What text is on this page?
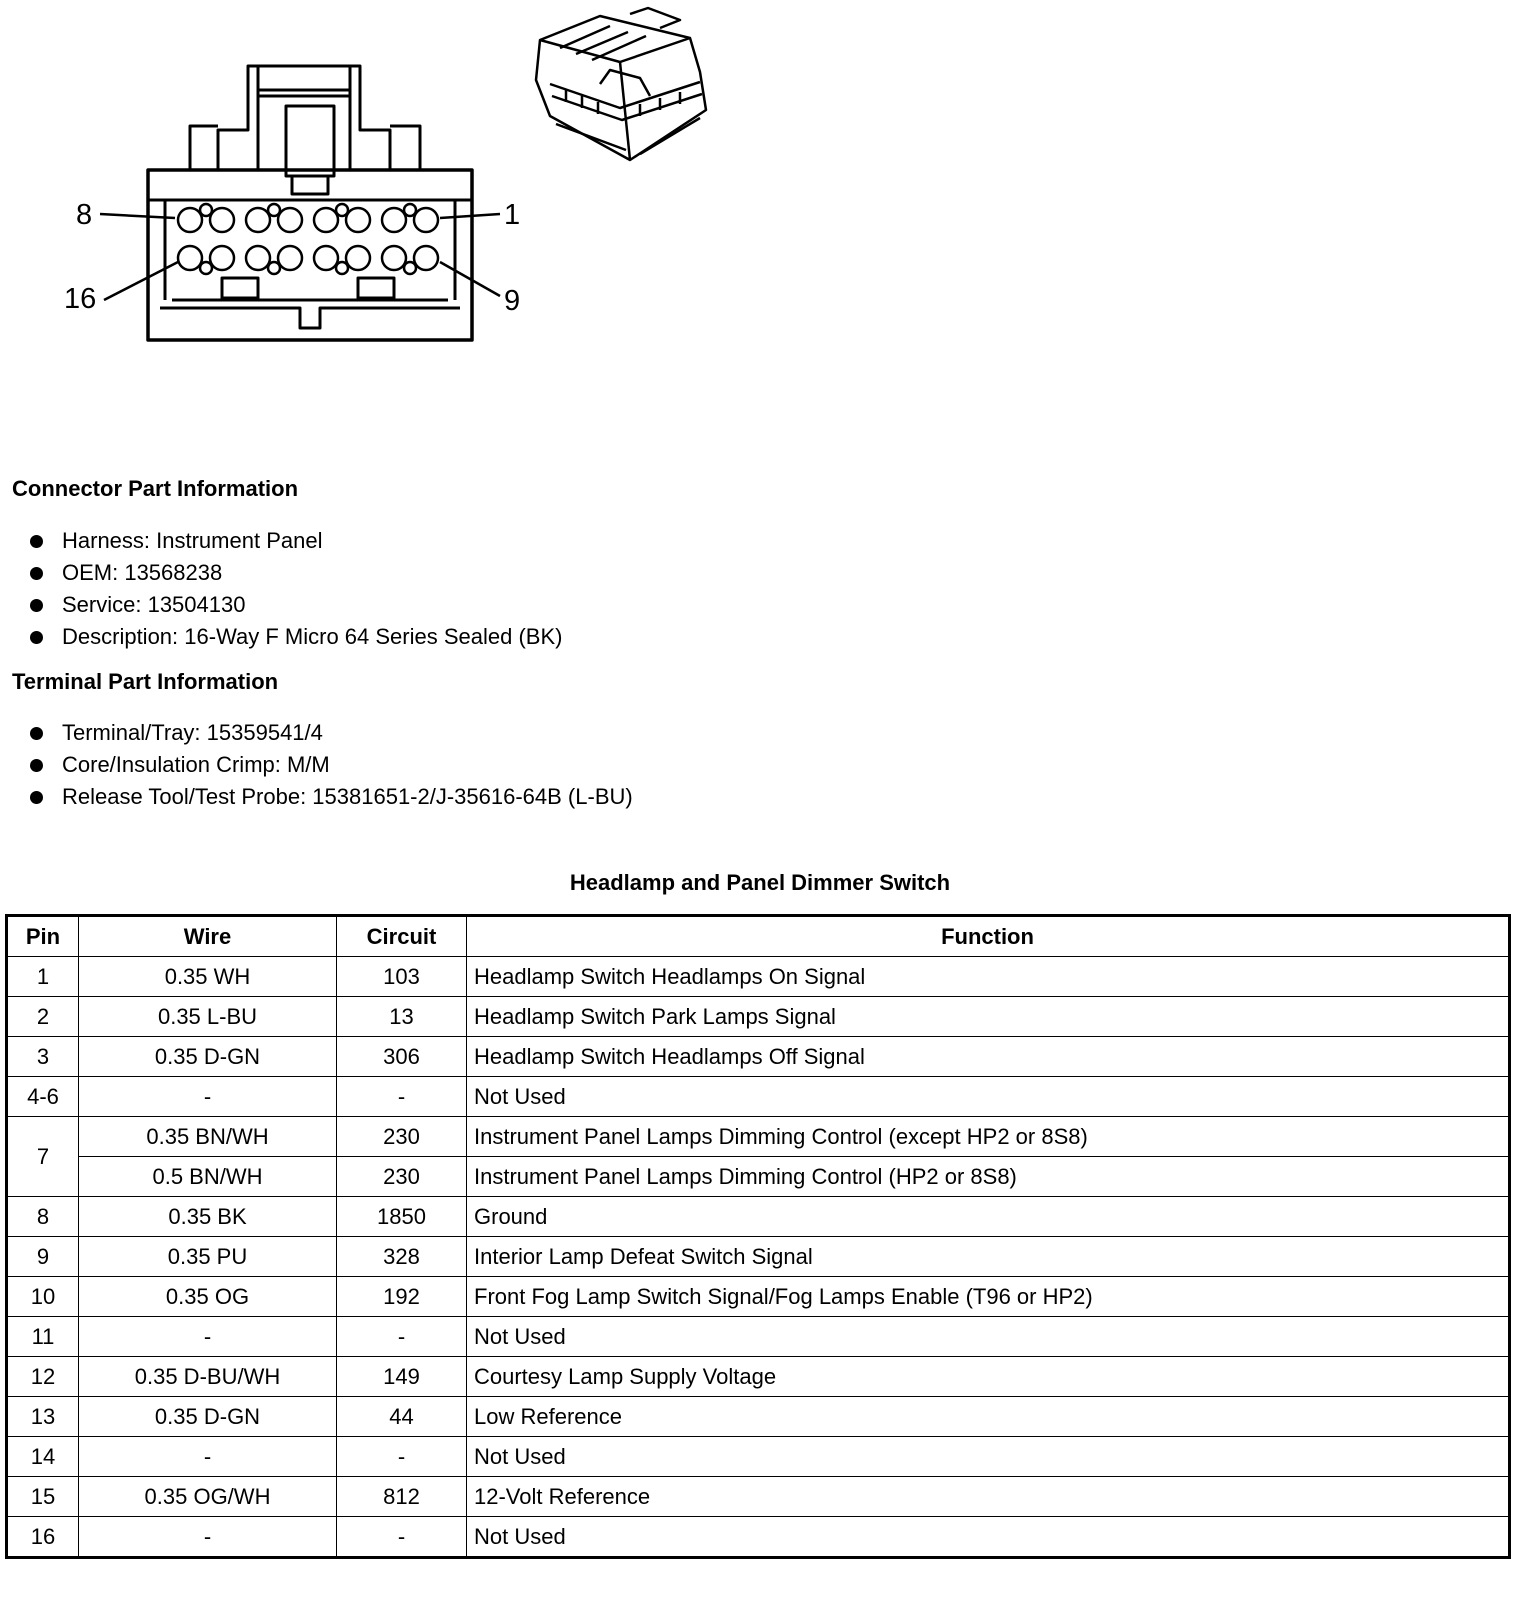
8	1
16	9
Connector Part Information
Harness: Instrument Panel
OEM: 13568238
Service: 13504130
Description: 16-Way F Micro 64 Series Sealed (BK)
Terminal Part Information
Terminal/Tray: 15359541/4
Core/Insulation Crimp: M/M
Release Tool/Test Probe: 15381651-2/J-35616-64B (L-BU)
Headlamp and Panel Dimmer Switch
Pin	Wire	Circuit	Function
1	0.35 WH	103	Headlamp Switch Headlamps On Signal
2	0.35 L-BU	13	Headlamp Switch Park Lamps Signal
3	0.35 D-GN	306	Headlamp Switch Headlamps Off Signal
4-6	-	-	Not Used
7	0.35 BN/WH	230	Instrument Panel Lamps Dimming Control (except HP2 or 8S8)
	0.5 BN/WH	230	Instrument Panel Lamps Dimming Control (HP2 or 8S8)
8	0.35 BK	1850	Ground
9	0.35 PU	328	Interior Lamp Defeat Switch Signal
10	0.35 OG	192	Front Fog Lamp Switch Signal/Fog Lamps Enable (T96 or HP2)
11	-	-	Not Used
12	0.35 D-BU/WH	149	Courtesy Lamp Supply Voltage
13	0.35 D-GN	44	Low Reference
14	-	-	Not Used
15	0.35 OG/WH	812	12-Volt Reference
16	-	-	Not Used
